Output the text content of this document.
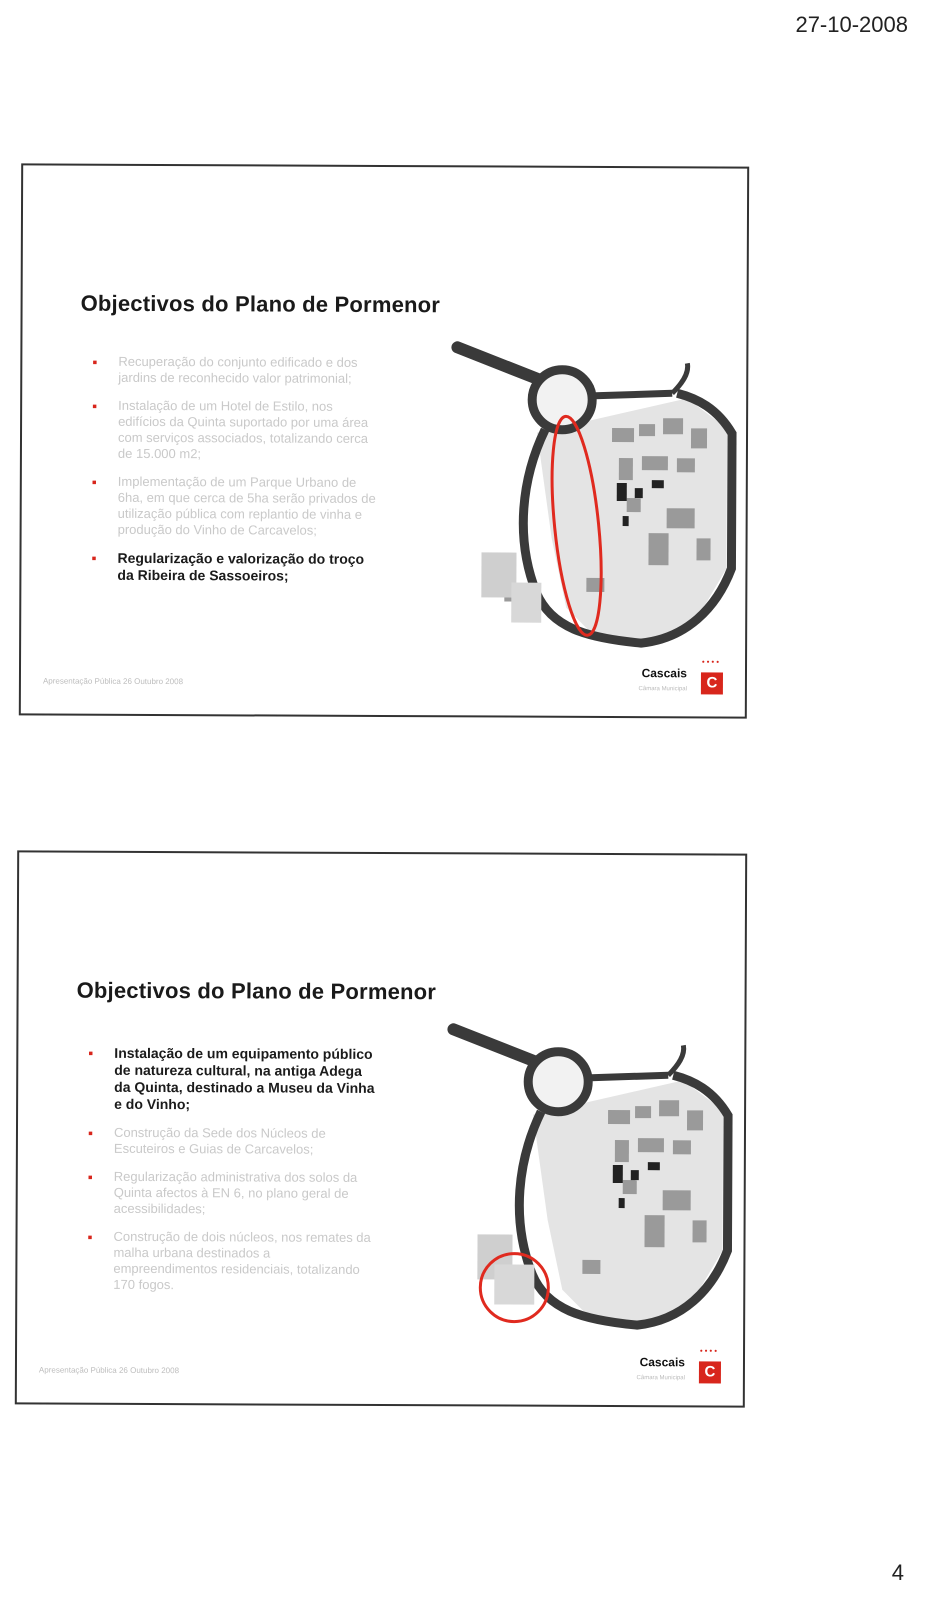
27-10-2008
Objectivos do Plano de Pormenor
▪ Recuperação do conjunto edificado e dos jardins de reconhecido valor patrimonial;
▪ Instalação de um Hotel de Estilo, nos edifícios da Quinta suportado por uma área com serviços associados, totalizando cerca de 15.000 m2;
▪ Implementação de um Parque Urbano de 6ha, em que cerca de 5ha serão privados de utilização pública com replantio de vinha e produção do Vinho de Carcavelos;
▪ Regularização e valorização do troço da Ribeira de Sassoeiros;
Apresentação Pública 26 Outubro 2008
••••
Cascais
Câmara Municipal	C
Objectivos do Plano de Pormenor
▪ Instalação de um equipamento público de natureza cultural, na antiga Adega da Quinta, destinado a Museu da Vinha e do Vinho;
▪ Construção da Sede dos Núcleos de Escuteiros e Guias de Carcavelos;
▪ Regularização administrativa dos solos da Quinta afectos à EN 6, no plano geral de acessibilidades;
▪ Construção de dois núcleos, nos remates da malha urbana destinados a empreendimentos residenciais, totalizando 170 fogos.
Apresentação Pública 26 Outubro 2008
••••
Cascais
Câmara Municipal	C
4
